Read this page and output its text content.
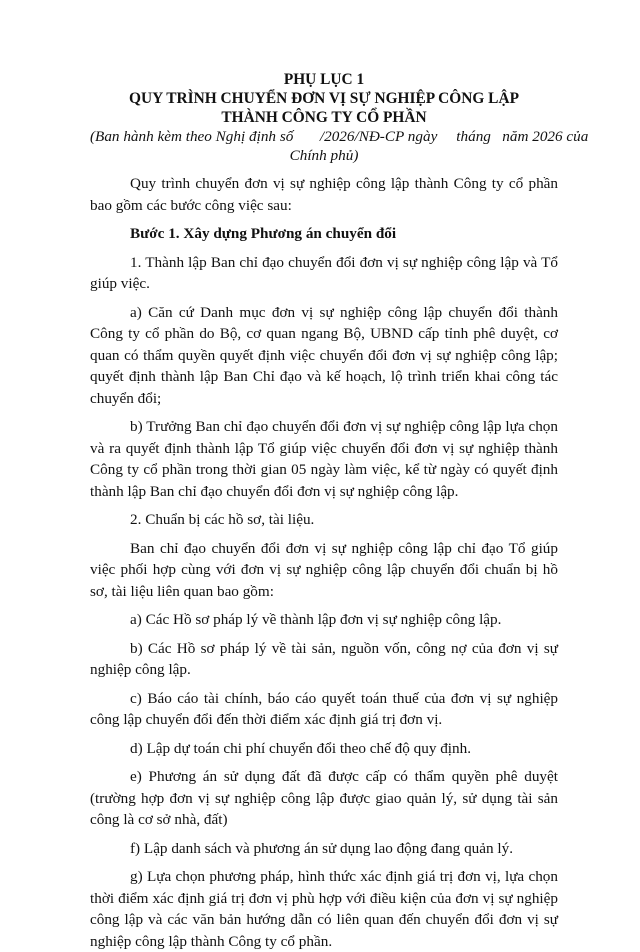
PHỤ LỤC 1
QUY TRÌNH CHUYỂN ĐƠN VỊ SỰ NGHIỆP CÔNG LẬP
THÀNH CÔNG TY CỔ PHẦN
(Ban hành kèm theo Nghị định số       /2026/NĐ-CP ngày     tháng   năm 2026 của
Chính phủ)

Quy trình chuyển đơn vị sự nghiệp công lập thành Công ty cổ phần bao gồm các bước công việc sau:

Bước 1. Xây dựng Phương án chuyển đổi

1. Thành lập Ban chỉ đạo chuyển đổi đơn vị sự nghiệp công lập và Tổ giúp việc.

a) Căn cứ Danh mục đơn vị sự nghiệp công lập chuyển đổi thành Công ty cổ phần do Bộ, cơ quan ngang Bộ, UBND cấp tỉnh phê duyệt, cơ quan có thẩm quyền quyết định việc chuyển đổi đơn vị sự nghiệp công lập; quyết định thành lập Ban Chỉ đạo và kế hoạch, lộ trình triển khai công tác chuyển đổi;

b) Trưởng Ban chỉ đạo chuyển đổi đơn vị sự nghiệp công lập lựa chọn và ra quyết định thành lập Tổ giúp việc chuyển đổi đơn vị sự nghiệp thành Công ty cổ phần trong thời gian 05 ngày làm việc, kể từ ngày có quyết định thành lập Ban chỉ đạo chuyển đổi đơn vị sự nghiệp công lập.

2. Chuẩn bị các hồ sơ, tài liệu.

Ban chỉ đạo chuyển đổi đơn vị sự nghiệp công lập chỉ đạo Tổ giúp việc phối hợp cùng với đơn vị sự nghiệp công lập chuyển đổi chuẩn bị hồ sơ, tài liệu liên quan bao gồm:

a) Các Hồ sơ pháp lý về thành lập đơn vị sự nghiệp công lập.

b) Các Hồ sơ pháp lý về tài sản, nguồn vốn, công nợ của đơn vị sự nghiệp công lập.

c) Báo cáo tài chính, báo cáo quyết toán thuế của đơn vị sự nghiệp công lập chuyển đổi đến thời điểm xác định giá trị đơn vị.

d) Lập dự toán chi phí chuyển đổi theo chế độ quy định.

e) Phương án sử dụng đất đã được cấp có thẩm quyền phê duyệt (trường hợp đơn vị sự nghiệp công lập được giao quản lý, sử dụng tài sản công là cơ sở nhà, đất)

f) Lập danh sách và phương án sử dụng lao động đang quản lý.

g) Lựa chọn phương pháp, hình thức xác định giá trị đơn vị, lựa chọn thời điểm xác định giá trị đơn vị phù hợp với điều kiện của đơn vị sự nghiệp công lập và các văn bản hướng dẫn có liên quan đến chuyển đổi đơn vị sự nghiệp công lập thành Công ty cổ phần.
